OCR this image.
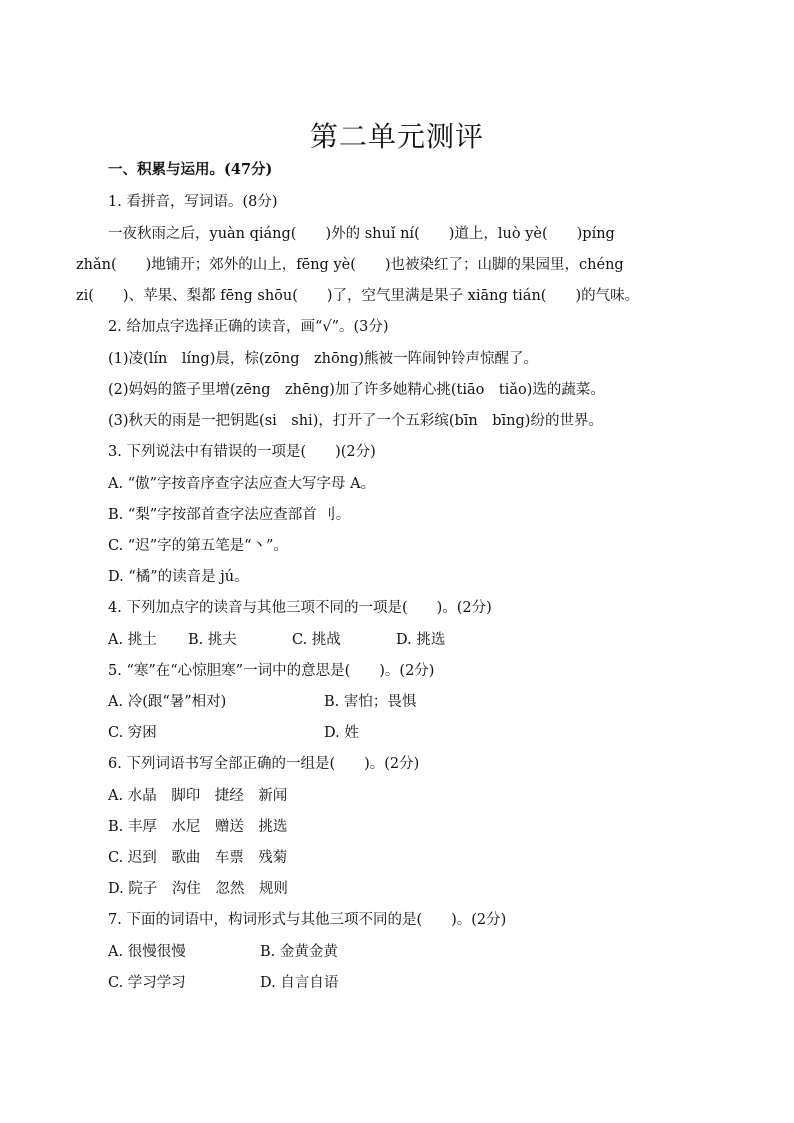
第二单元测评
一、积累与运用。(47分)
1. 看拼音，写词语。(8分)
一夜秋雨之后，yuàn qiáng(　　)外的 shuǐ ní(　　)道上，luò yè(　　)píng
zhǎn(　　)地铺开；郊外的山上，fēng yè(　　)也被染红了；山脚的果园里，chéng
zi(　　)、苹果、梨都 fēng shōu(　　)了，空气里满是果子 xiāng tián(　　)的气味。
2. 给加点字选择正确的读音，画“√”。(3分)
(1)凌(lín　líng)晨，棕(zōng　zhōng)熊被一阵闹钟铃声惊醒了。
(2)妈妈的篮子里增(zēng　zhēng)加了许多她精心挑(tiāo　tiǎo)选的蔬菜。
(3)秋天的雨是一把钥匙(si　shi)，打开了一个五彩缤(bīn　bīng)纷的世界。
3. 下列说法中有错误的一项是(　　)(2分)
A. “傲”字按音序查字法应查大写字母 A。
B. “梨”字按部首查字法应查部首 刂。
C. “迟”字的第五笔是“丶”。
D. “橘”的读音是 jú。
4. 下列加点字的读音与其他三项不同的一项是(　　)。(2分)
A. 挑土 B. 挑夫	C. 挑战	D. 挑选
5. “寒”在“心惊胆寒”一词中的意思是(　　)。(2分)
A. 冷(跟“暑”相对)	B. 害怕；畏惧
C. 穷困	D. 姓
6. 下列词语书写全部正确的一组是(　　)。(2分)
A. 水晶　脚印　捷经　新闻
B. 丰厚　水尼　赠送　挑选
C. 迟到　歌曲　车票　残菊
D. 院子　沟住　忽然　规则
7. 下面的词语中，构词形式与其他三项不同的是(　　)。(2分)
A. 很慢很慢	B. 金黄金黄
C. 学习学习	D. 自言自语
